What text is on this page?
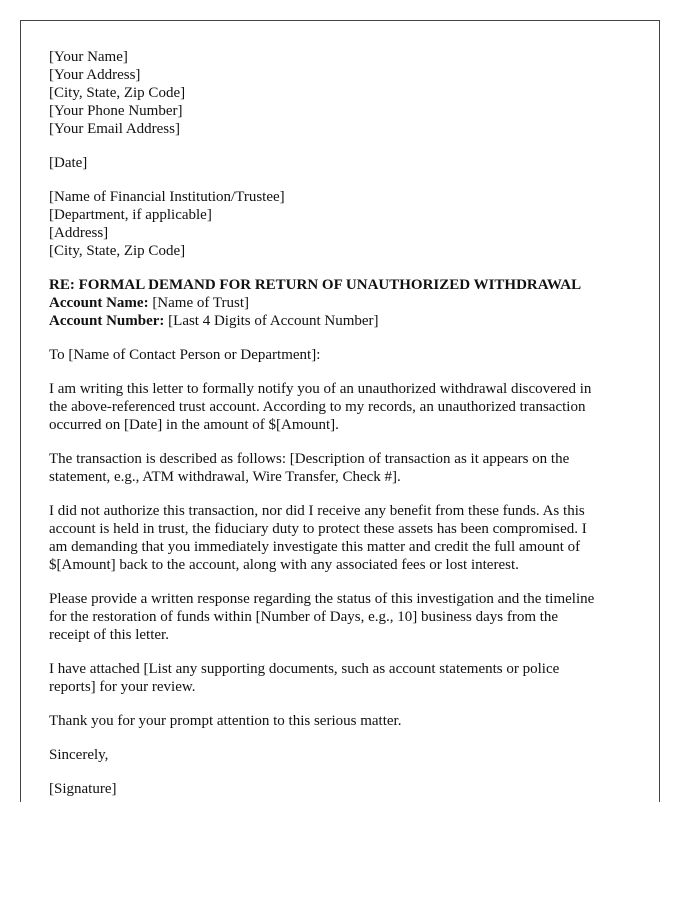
[Your Name]
[Your Address]
[City, State, Zip Code]
[Your Phone Number]
[Your Email Address]
[Date]
[Name of Financial Institution/Trustee]
[Department, if applicable]
[Address]
[City, State, Zip Code]
RE: FORMAL DEMAND FOR RETURN OF UNAUTHORIZED WITHDRAWAL
Account Name: [Name of Trust]
Account Number: [Last 4 Digits of Account Number]
To [Name of Contact Person or Department]:
I am writing this letter to formally notify you of an unauthorized withdrawal discovered in
the above-referenced trust account. According to my records, an unauthorized transaction
occurred on [Date] in the amount of $[Amount].
The transaction is described as follows: [Description of transaction as it appears on the
statement, e.g., ATM withdrawal, Wire Transfer, Check #].
I did not authorize this transaction, nor did I receive any benefit from these funds. As this
account is held in trust, the fiduciary duty to protect these assets has been compromised. I
am demanding that you immediately investigate this matter and credit the full amount of
$[Amount] back to the account, along with any associated fees or lost interest.
Please provide a written response regarding the status of this investigation and the timeline
for the restoration of funds within [Number of Days, e.g., 10] business days from the
receipt of this letter.
I have attached [List any supporting documents, such as account statements or police
reports] for your review.
Thank you for your prompt attention to this serious matter.
Sincerely,
[Signature]
